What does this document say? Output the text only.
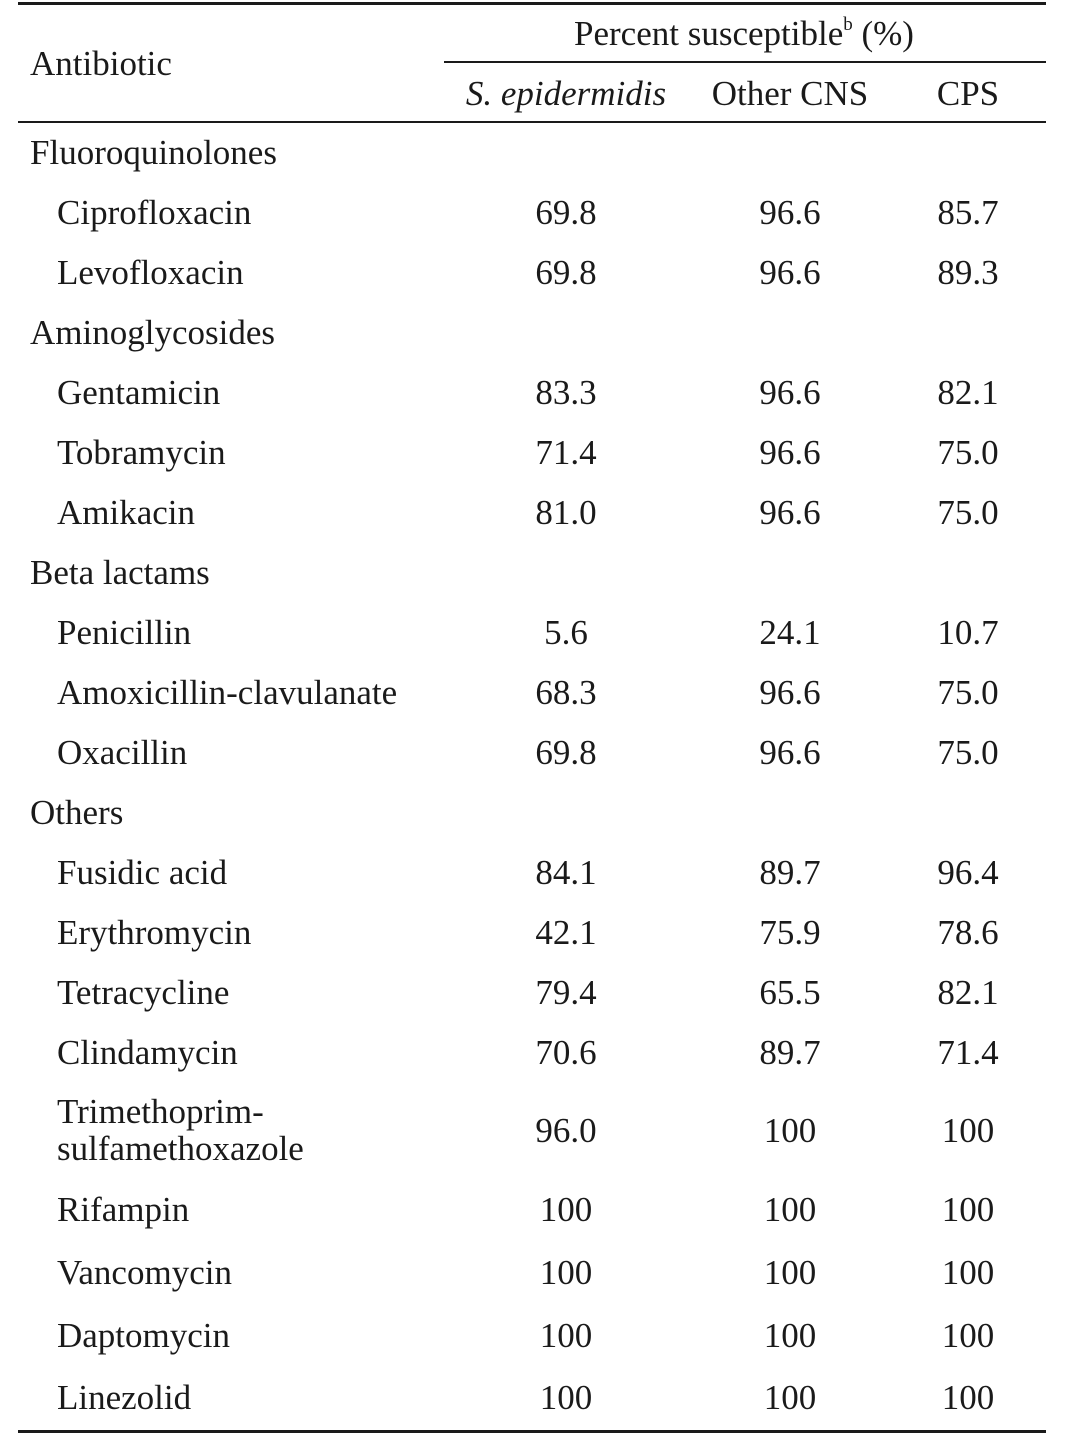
Antibiotic
Percent susceptible$^b$ (%)
S. epidermidis	Other CNS	CPS
Fluoroquinolones
Ciprofloxacin	69.8	96.6	85.7
Levofloxacin	69.8	96.6	89.3
Aminoglycosides
Gentamicin	83.3	96.6	82.1
Tobramycin	71.4	96.6	75.0
Amikacin	81.0	96.6	75.0
Beta lactams
Penicillin	5.6	24.1	10.7
Amoxicillin-clavulanate	68.3	96.6	75.0
Oxacillin	69.8	96.6	75.0
Others
Fusidic acid	84.1	89.7	96.4
Erythromycin	42.1	75.9	78.6
Tetracycline	79.4	65.5	82.1
Clindamycin	70.6	89.7	71.4
Trimethoprim-
sulfamethoxazole	96.0	100	100
Rifampin	100	100	100
Vancomycin	100	100	100
Daptomycin	100	100	100
Linezolid	100	100	100
